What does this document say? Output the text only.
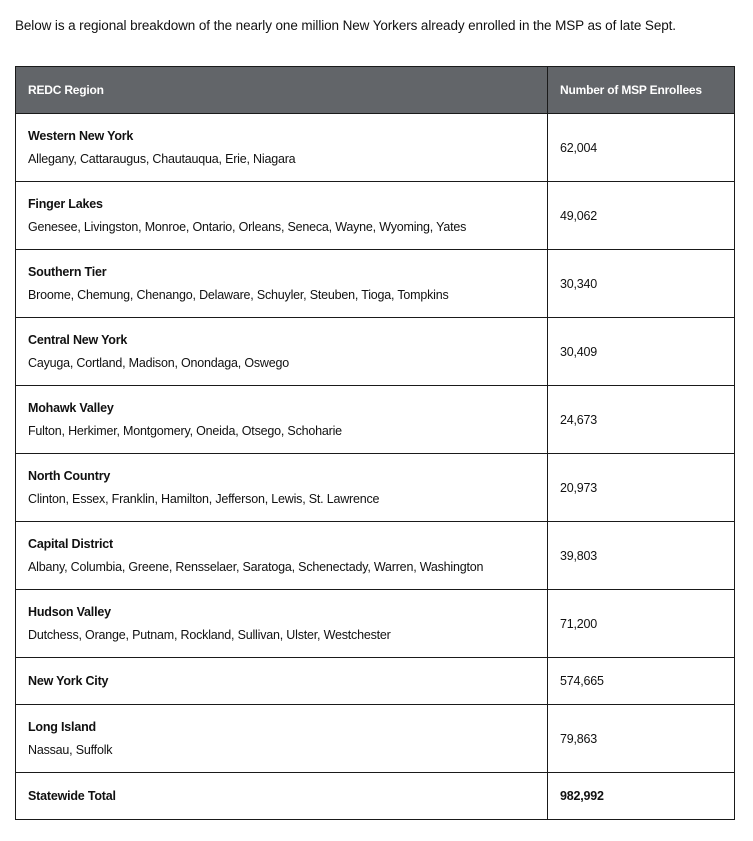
Below is a regional breakdown of the nearly one million New Yorkers already enrolled in the MSP as of late Sept.

REDC Region	Number of MSP Enrollees

Western New York
Allegany, Cattaraugus, Chautauqua, Erie, Niagara	62,004

Finger Lakes
Genesee, Livingston, Monroe, Ontario, Orleans, Seneca, Wayne, Wyoming, Yates	49,062

Southern Tier
Broome, Chemung, Chenango, Delaware, Schuyler, Steuben, Tioga, Tompkins	30,340

Central New York
Cayuga, Cortland, Madison, Onondaga, Oswego	30,409

Mohawk Valley
Fulton, Herkimer, Montgomery, Oneida, Otsego, Schoharie	24,673

North Country
Clinton, Essex, Franklin, Hamilton, Jefferson, Lewis, St. Lawrence	20,973

Capital District
Albany, Columbia, Greene, Rensselaer, Saratoga, Schenectady, Warren, Washington	39,803

Hudson Valley
Dutchess, Orange, Putnam, Rockland, Sullivan, Ulster, Westchester	71,200

New York City	574,665

Long Island
Nassau, Suffolk	79,863

Statewide Total	982,992
